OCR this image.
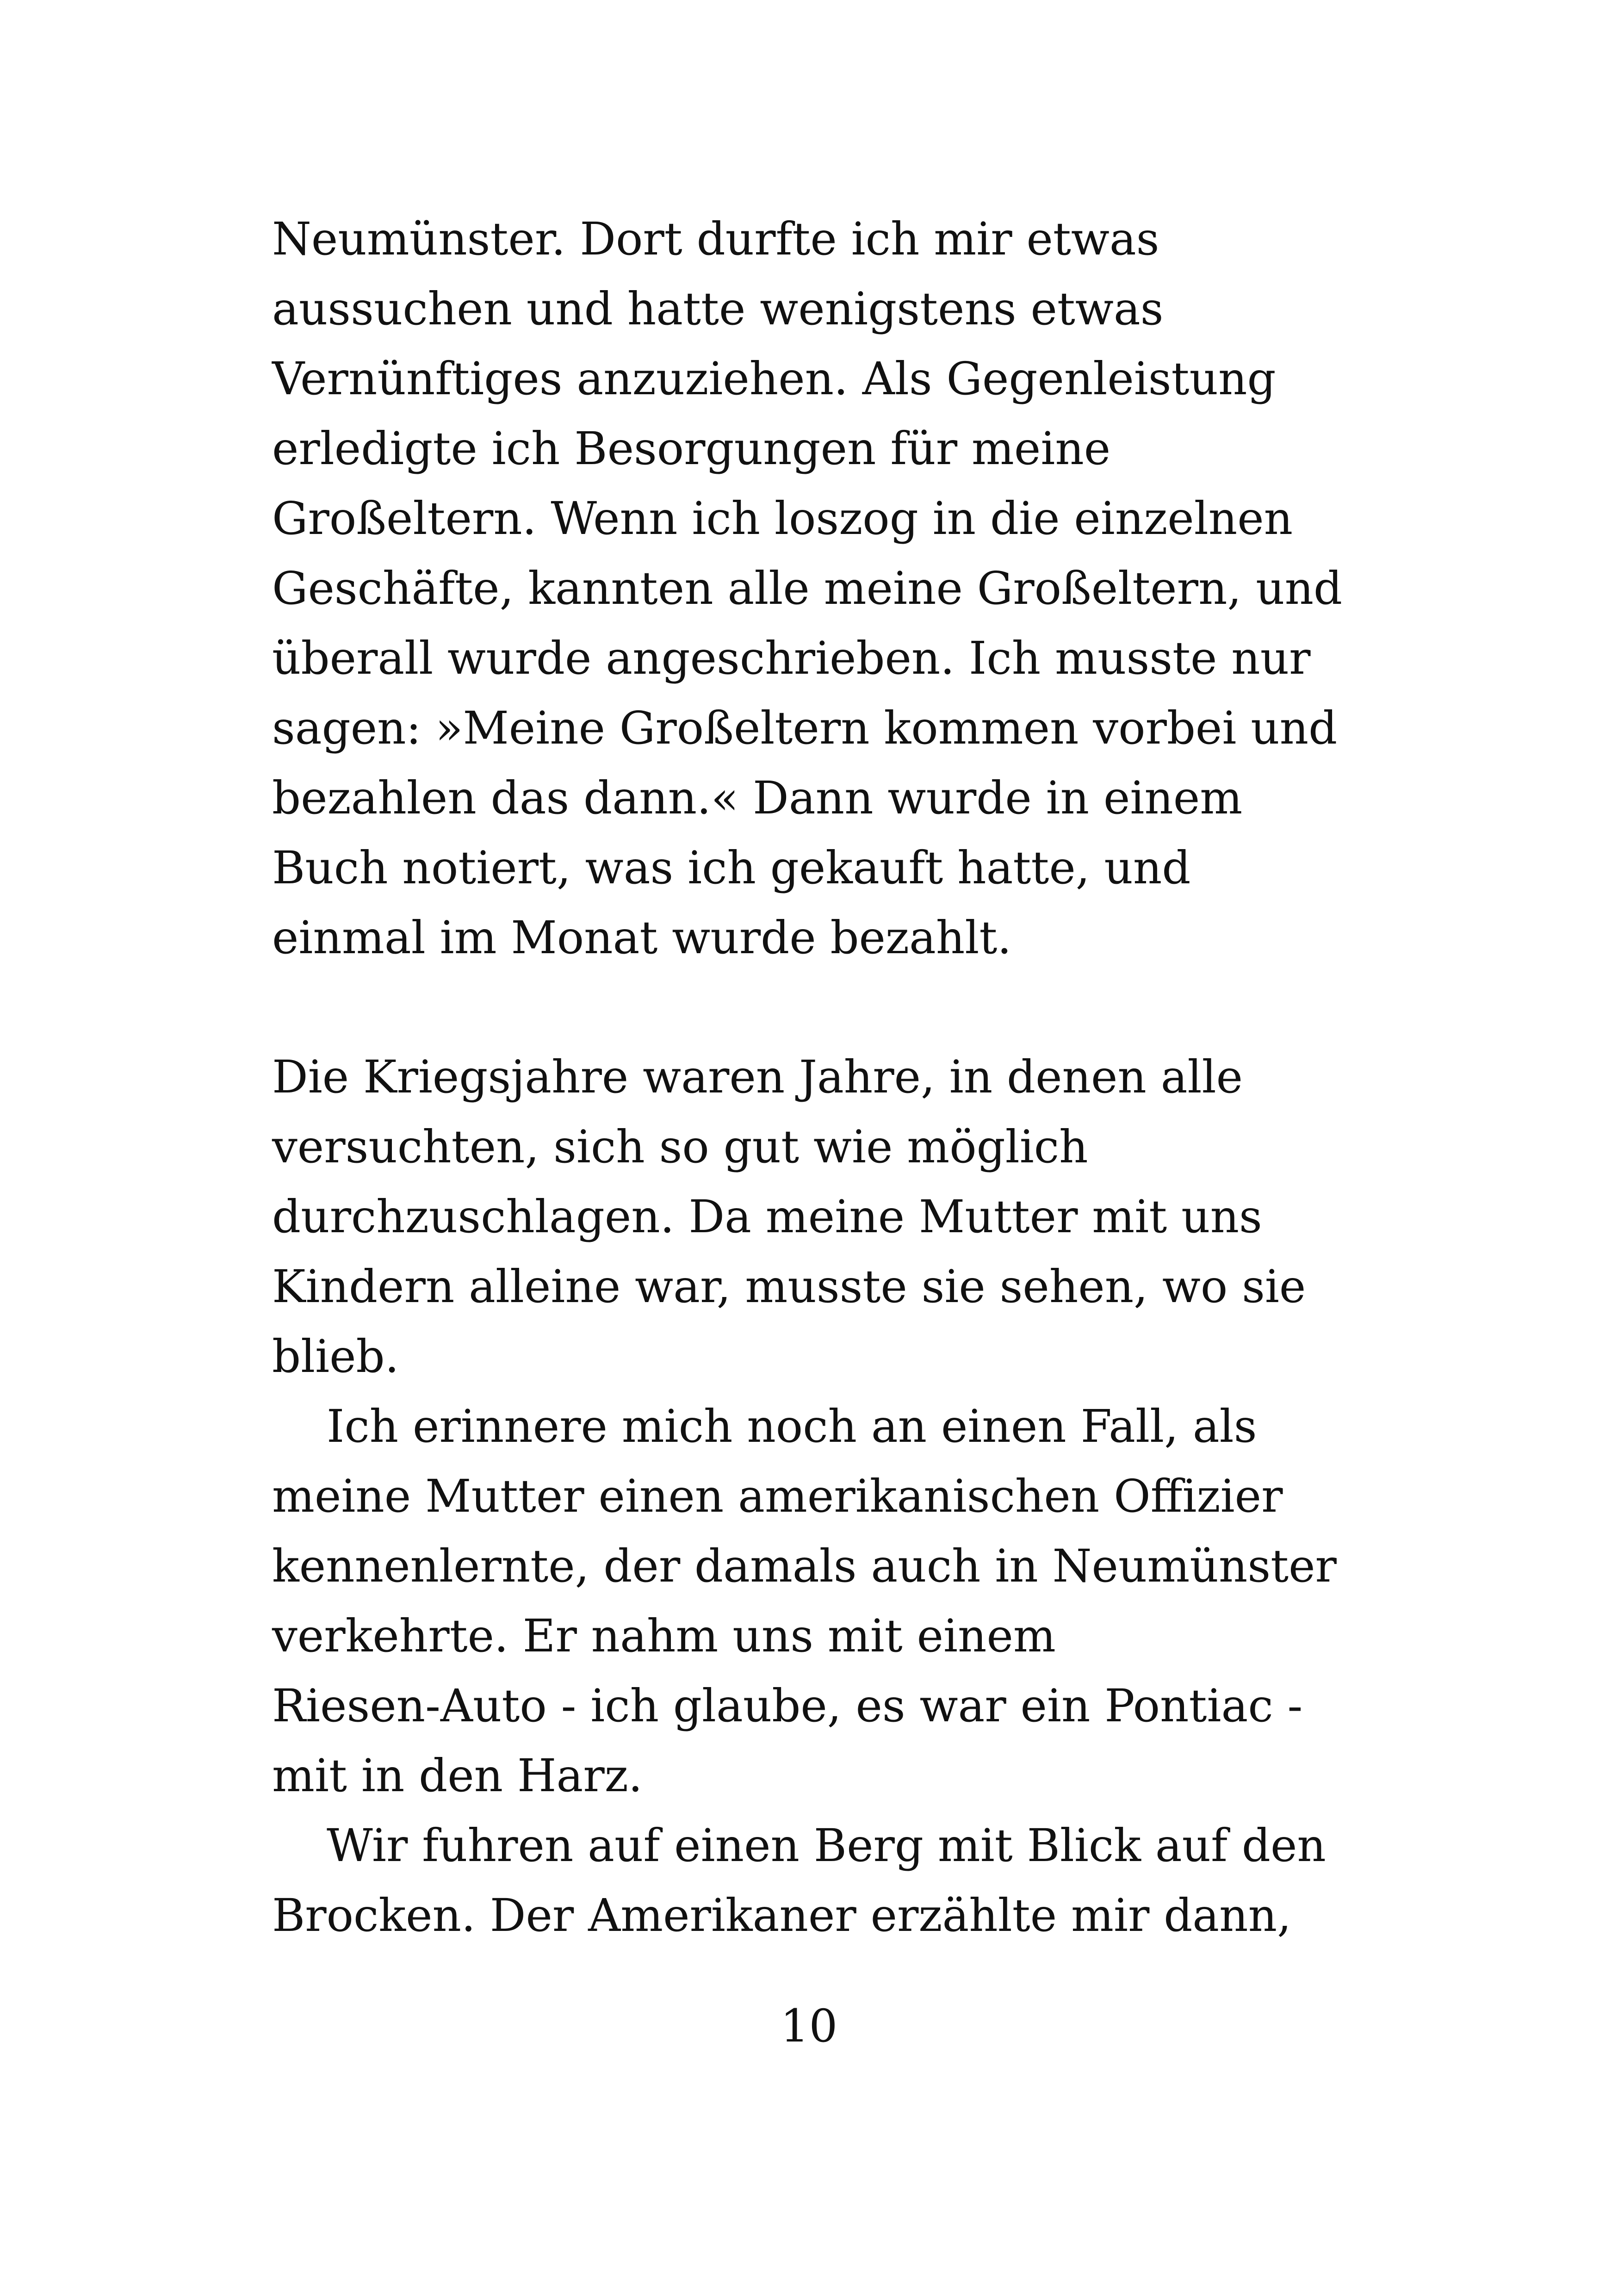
Neumünster. Dort durfte ich mir etwas

aussuchen und hatte wenigstens etwas

Vernünftiges anzuziehen. Als Gegenleistung

erledigte ich Besorgungen für meine

Großeltern. Wenn ich loszog in die einzelnen

Geschäfte, kannten alle meine Großeltern, und

überall wurde angeschrieben. Ich musste nur

sagen: »Meine Großeltern kommen vorbei und

bezahlen das dann.« Dann wurde in einem

Buch notiert, was ich gekauft hatte, und

einmal im Monat wurde bezahlt.

Die Kriegsjahre waren Jahre, in denen alle

versuchten, sich so gut wie möglich

durchzuschlagen. Da meine Mutter mit uns

Kindern alleine war, musste sie sehen, wo sie

blieb.

Ich erinnere mich noch an einen Fall, als

meine Mutter einen amerikanischen Offizier

kennenlernte, der damals auch in Neumünster

verkehrte. Er nahm uns mit einem

Riesen-Auto - ich glaube, es war ein Pontiac -

mit in den Harz.

Wir fuhren auf einen Berg mit Blick auf den

Brocken. Der Amerikaner erzählte mir dann,

10
